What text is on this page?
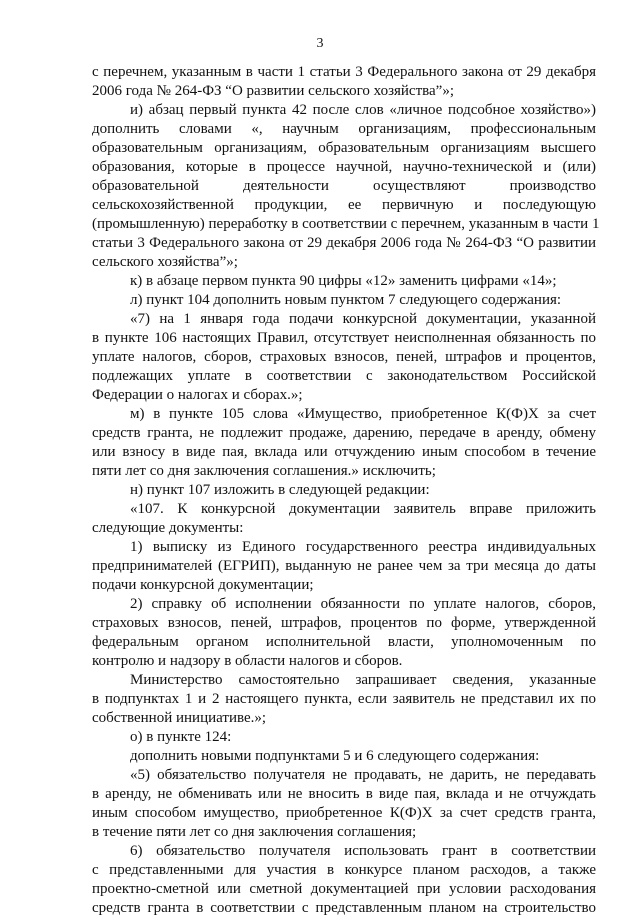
3
с перечнем, указанным в части 1 статьи 3 Федерального закона от 29 декабря
2006 года № 264-ФЗ “О развитии сельского хозяйства”»;
и) абзац первый пункта 42 после слов «личное подсобное хозяйство»)
дополнить словами «, научным организациям, профессиональным
образовательным организациям, образовательным организациям высшего
образования, которые в процессе научной, научно-технической и (или)
образовательной деятельности осуществляют производство
сельскохозяйственной продукции, ее первичную и последующую
(промышленную) переработку в соответствии с перечнем, указанным в части 1
статьи 3 Федерального закона от 29 декабря 2006 года № 264-ФЗ “О развитии
сельского хозяйства”»;
к) в абзаце первом пункта 90 цифры «12» заменить цифрами «14»;
л) пункт 104 дополнить новым пунктом 7 следующего содержания:
«7) на 1 января года подачи конкурсной документации, указанной
в пункте 106 настоящих Правил, отсутствует неисполненная обязанность по
уплате налогов, сборов, страховых взносов, пеней, штрафов и процентов,
подлежащих уплате в соответствии с законодательством Российской
Федерации о налогах и сборах.»;
м) в пункте 105 слова «Имущество, приобретенное К(Ф)Х за счет
средств гранта, не подлежит продаже, дарению, передаче в аренду, обмену
или взносу в виде пая, вклада или отчуждению иным способом в течение
пяти лет со дня заключения соглашения.» исключить;
н) пункт 107 изложить в следующей редакции:
«107. К конкурсной документации заявитель вправе приложить
следующие документы:
1) выписку из Единого государственного реестра индивидуальных
предпринимателей (ЕГРИП), выданную не ранее чем за три месяца до даты
подачи конкурсной документации;
2) справку об исполнении обязанности по уплате налогов, сборов,
страховых взносов, пеней, штрафов, процентов по форме, утвержденной
федеральным органом исполнительной власти, уполномоченным по
контролю и надзору в области налогов и сборов.
Министерство самостоятельно запрашивает сведения, указанные
в подпунктах 1 и 2 настоящего пункта, если заявитель не представил их по
собственной инициативе.»;
о) в пункте 124:
дополнить новыми подпунктами 5 и 6 следующего содержания:
«5) обязательство получателя не продавать, не дарить, не передавать
в аренду, не обменивать или не вносить в виде пая, вклада и не отчуждать
иным способом имущество, приобретенное К(Ф)Х за счет средств гранта,
в течение пяти лет со дня заключения соглашения;
6) обязательство получателя использовать грант в соответствии
с представленными для участия в конкурсе планом расходов, а также
проектно-сметной или сметной документацией при условии расходования
средств гранта в соответствии с представленным планом на строительство
